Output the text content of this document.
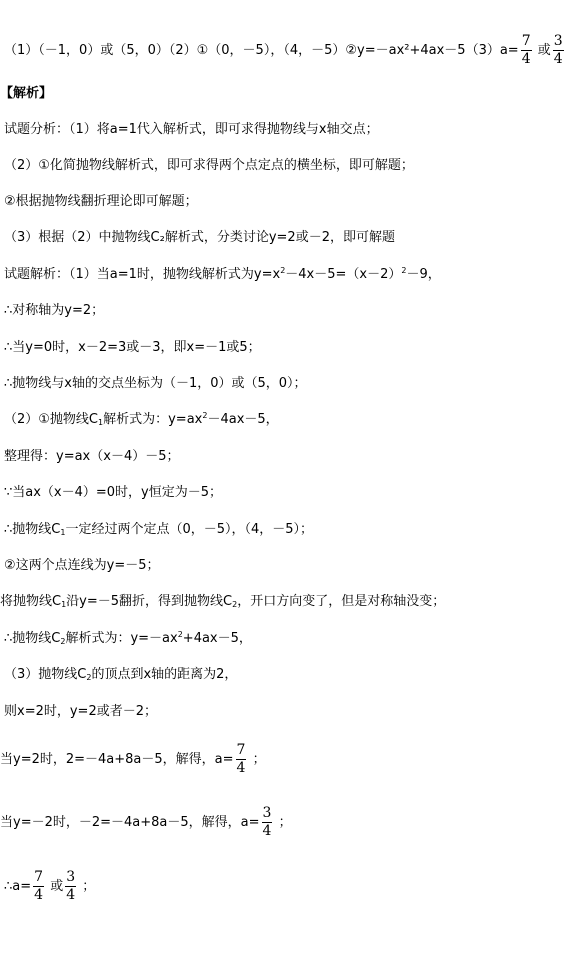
（1）（－1，0）或（5，0）（2）①（0，－5），（4，－5）②y=－ax²+4ax－5（3）a= $\frac{7}{4}$ 或 $\frac{3}{4}$
【解析】
试题分析：（1）将a=1代入解析式，即可求得抛物线与x轴交点；
（2）①化简抛物线解析式，即可求得两个点定点的横坐标，即可解题；
②根据抛物线翻折理论即可解题；
（3）根据（2）中抛物线C₂解析式，分类讨论y=2或－2，即可解题
试题解析：（1）当a=1时，抛物线解析式为$y=x^2-4x-5=(x-2)^2-9$，
∴对称轴为y=2；
∴当y=0时，x－2=3或－3，即x=－1或5；
∴抛物线与x轴的交点坐标为（－1，0）或（5，0）；
（2）①抛物线$C_1$解析式为：$y=ax^2-4ax-5$，
整理得：y=ax（x－4）－5；
∵当ax（x－4）=0时，y恒定为－5；
∴抛物线$C_1$一定经过两个定点（0，－5），（4，－5）；
②这两个点连线为y=－5；
将抛物线$C_1$沿y=－5翻折，得到抛物线$C_2$，开口方向变了，但是对称轴没变；
∴抛物线$C_2$解析式为：$y=-ax^2+4ax-5$，
（3）抛物线$C_2$的顶点到x轴的距离为2，
则x=2时，y=2或者－2；
当y=2时，2=－4a+8a－5，解得，$a= \frac{7}{4}$ ；
当y=－2时，－2=－4a+8a－5，解得，$a= \frac{3}{4}$ ；
∴a= $\frac{7}{4}$ 或 $\frac{3}{4}$ ；
